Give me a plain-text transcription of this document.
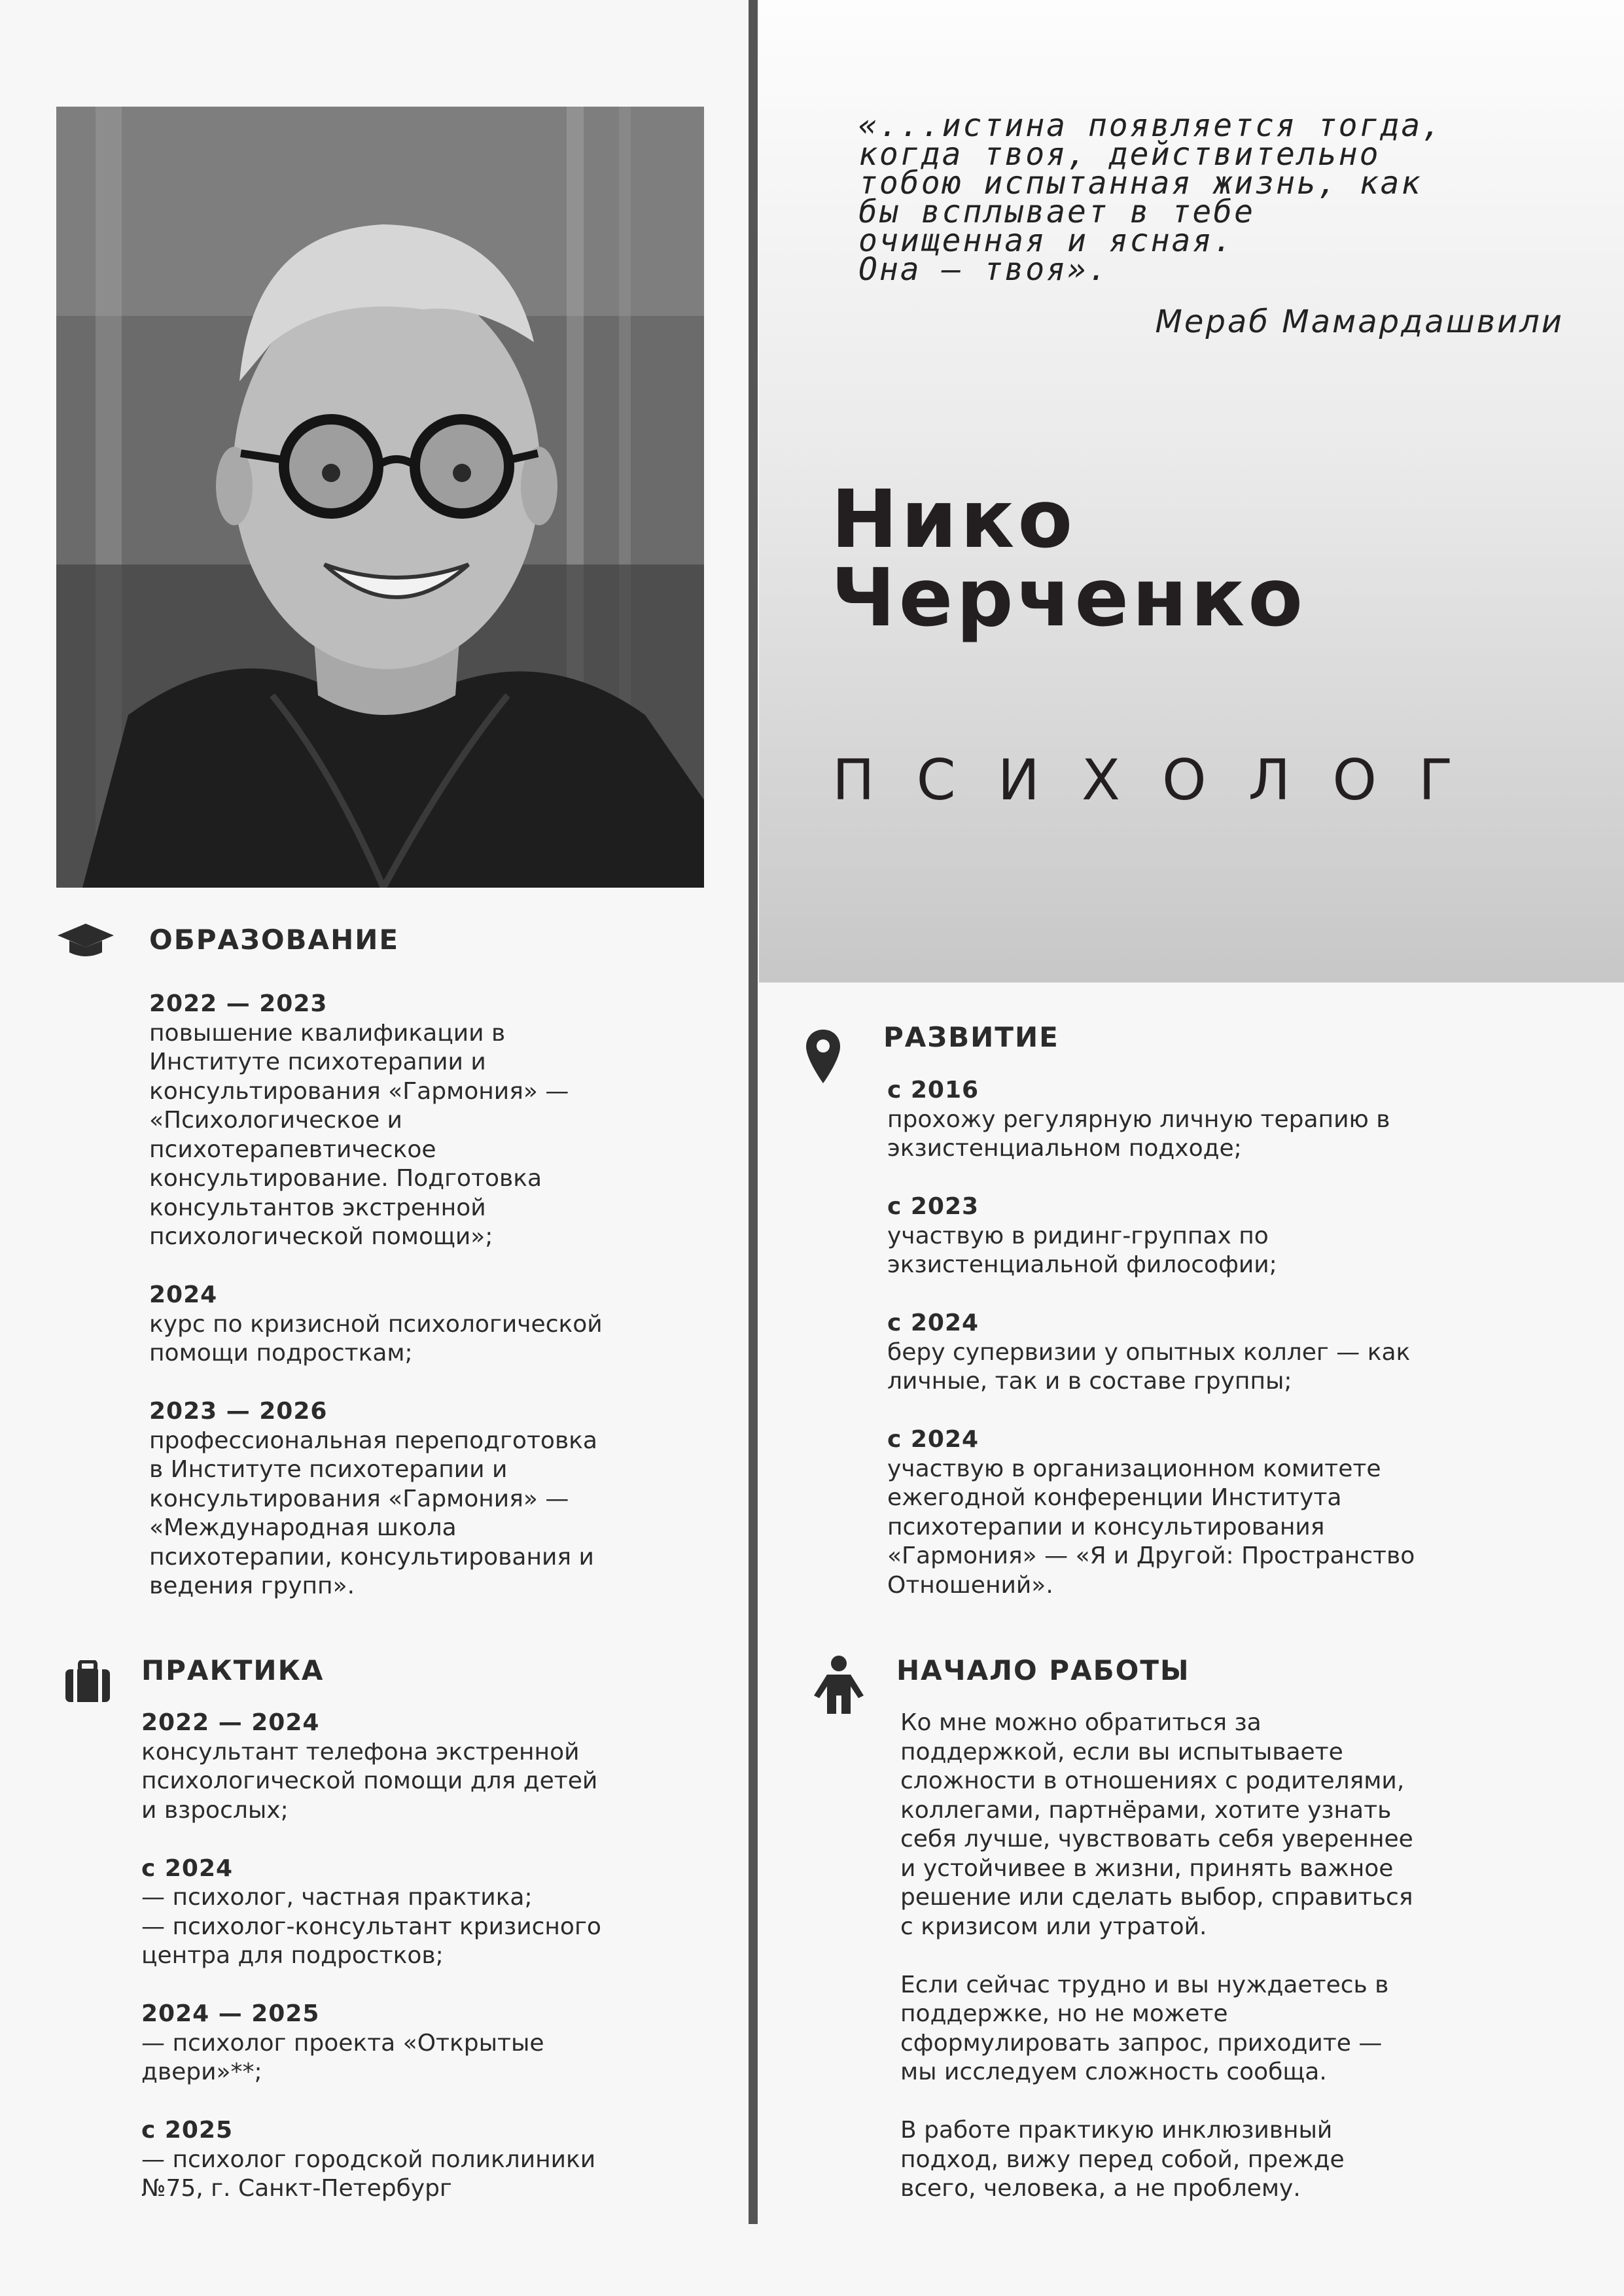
«...истина появляется тогда,
когда твоя, действительно
тобою испытанная жизнь, как
бы всплывает в тебе
очищенная и ясная.
Она — твоя».
Мераб Мамардашвили
Нико
Черченко
ПСИХОЛОГ
ОБРАЗОВАНИЕ
2022 — 2023
повышение квалификации в
Институте психотерапии и
консультирования «Гармония» —
«Психологическое и
психотерапевтическое
консультирование. Подготовка
консультантов экстренной
психологической помощи»;
2024
курс по кризисной психологической
помощи подросткам;
2023 — 2026
профессиональная переподготовка
в Институте психотерапии и
консультирования «Гармония» —
«Международная школа
психотерапии, консультирования и
ведения групп».
ПРАКТИКА
2022 — 2024
консультант телефона экстренной
психологической помощи для детей
и взрослых;
с 2024
— психолог, частная практика;
— психолог-консультант кризисного
центра для подростков;
2024 — 2025
— психолог проекта «Открытые
двери»**;
с 2025
— психолог городской поликлиники
№75, г. Санкт-Петербург
РАЗВИТИЕ
с 2016
прохожу регулярную личную терапию в
экзистенциальном подходе;
с 2023
участвую в ридинг-группах по
экзистенциальной философии;
с 2024
беру супервизии у опытных коллег — как
личные, так и в составе группы;
с 2024
участвую в организационном комитете
ежегодной конференции Института
психотерапии и консультирования
«Гармония» — «Я и Другой: Пространство
Отношений».
НАЧАЛО РАБОТЫ
Ко мне можно обратиться за
поддержкой, если вы испытываете
сложности в отношениях с родителями,
коллегами, партнёрами, хотите узнать
себя лучше, чувствовать себя увереннее
и устойчивее в жизни, принять важное
решение или сделать выбор, справиться
с кризисом или утратой.
Если сейчас трудно и вы нуждаетесь в
поддержке, но не можете
сформулировать запрос, приходите —
мы исследуем сложность сообща.
В работе практикую инклюзивный
подход, вижу перед собой, прежде
всего, человека, а не проблему.
